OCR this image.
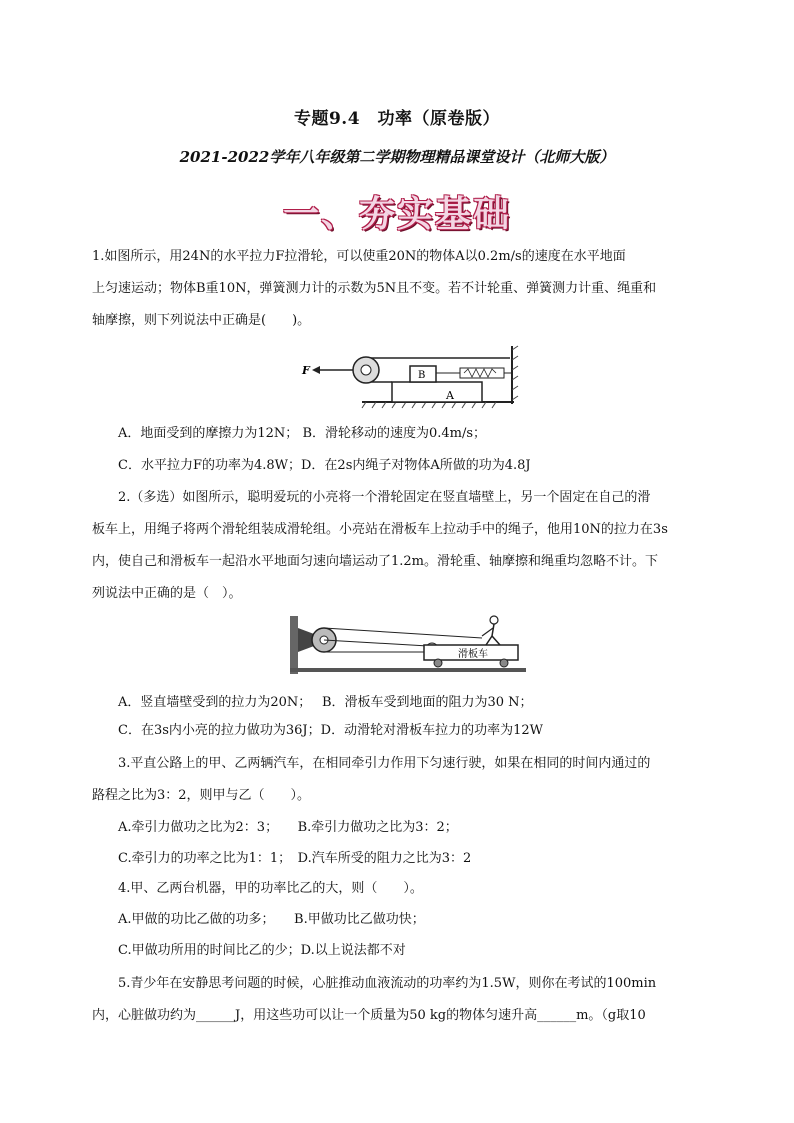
专题9.4　功率（原卷版）
2021-2022学年八年级第二学期物理精品课堂设计（北师大版）
一、夯实基础
1.如图所示，用24N的水平拉力F拉滑轮，可以使重20N的物体A以0.2m/s的速度在水平地面
上匀速运动；物体B重10N，弹簧测力计的示数为5N且不变。若不计轮重、弹簧测力计重、绳重和
轴摩擦，则下列说法中正确是(　　)。
A
B
F
A．地面受到的摩擦力为12N； B．滑轮移动的速度为0.4m/s；
C．水平拉力F的功率为4.8W；D．在2s内绳子对物体A所做的功为4.8J
2.（多选）如图所示，聪明爱玩的小亮将一个滑轮固定在竖直墙壁上，另一个固定在自己的滑
板车上，用绳子将两个滑轮组装成滑轮组。小亮站在滑板车上拉动手中的绳子，他用10N的拉力在3s
内，使自己和滑板车一起沿水平地面匀速向墙运动了1.2m。滑轮重、轴摩擦和绳重均忽略不计。下
列说法中正确的是（　）。
滑板车
A．竖直墙壁受到的拉力为20N；　 B．滑板车受到地面的阻力为30 N；
C．在3s内小亮的拉力做功为36J；D．动滑轮对滑板车拉力的功率为12W
3.平直公路上的甲、乙两辆汽车，在相同牵引力作用下匀速行驶，如果在相同的时间内通过的
路程之比为3：2，则甲与乙（　　）。
A.牵引力做功之比为2：3；　　B.牵引力做功之比为3：2；
C.牵引力的功率之比为1：1；　D.汽车所受的阻力之比为3：2
4.甲、乙两台机器，甲的功率比乙的大，则（　　）。
A.甲做的功比乙做的功多；　　B.甲做功比乙做功快；
C.甲做功所用的时间比乙的少；D.以上说法都不对
5.青少年在安静思考问题的时候，心脏推动血液流动的功率约为1.5W，则你在考试的100min
内，心脏做功约为______J，用这些功可以让一个质量为50 kg的物体匀速升高______m。（g取10
